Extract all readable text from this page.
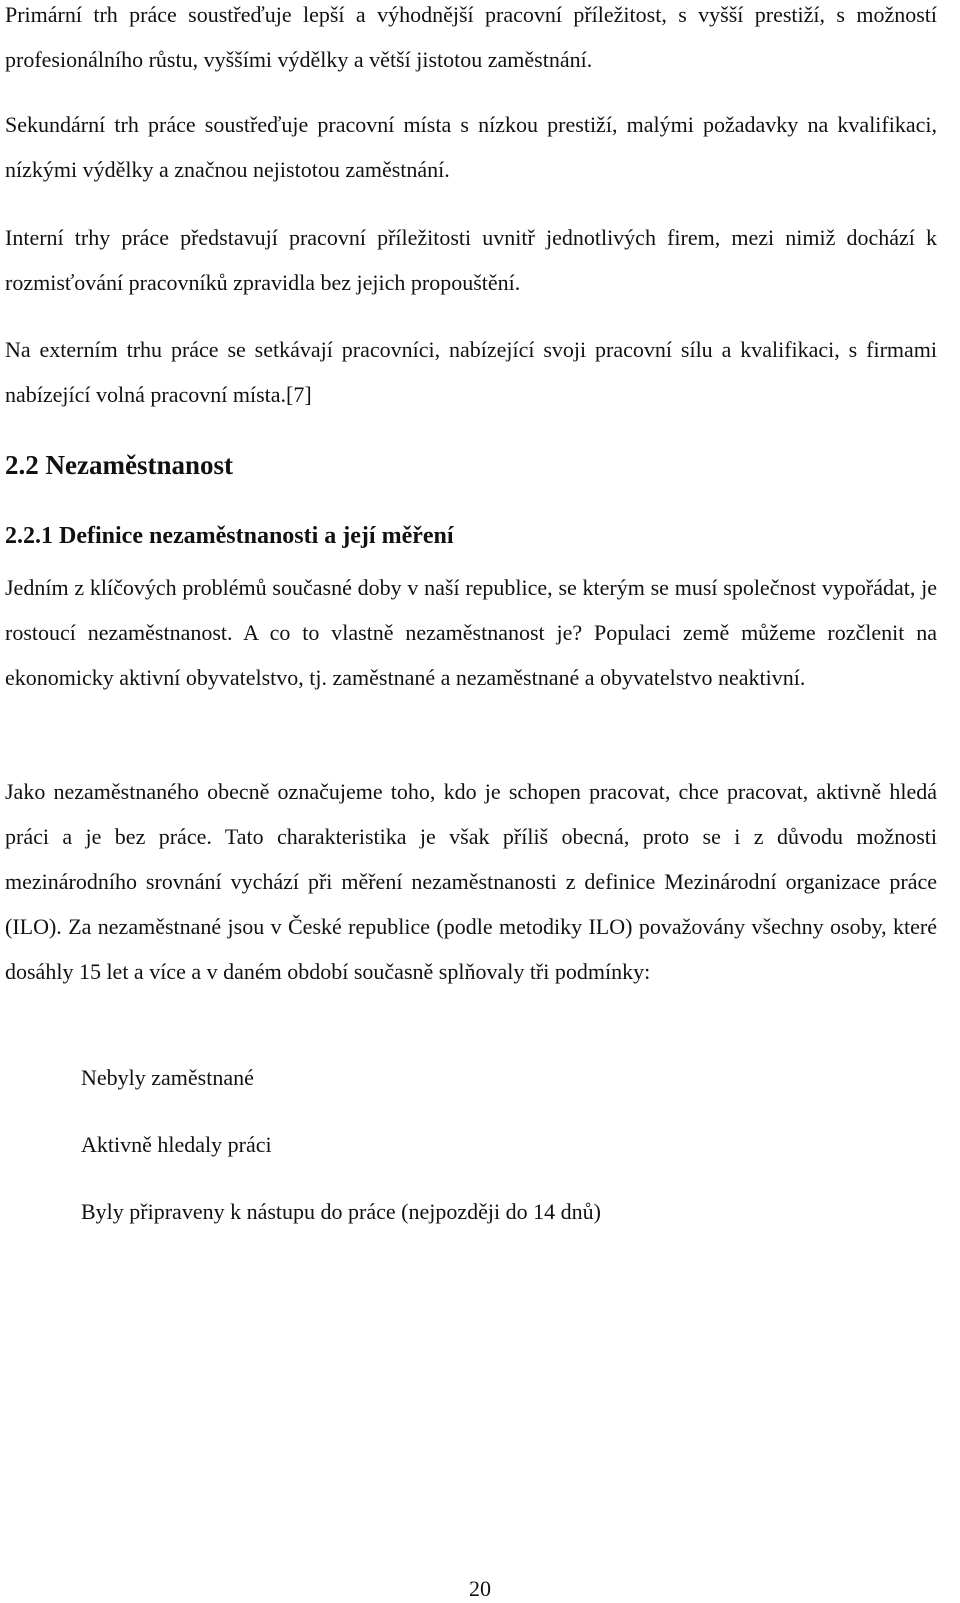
Primární trh práce soustřeďuje lepší a výhodnější pracovní příležitost, s vyšší prestiží, s možností profesionálního růstu, vyššími výdělky a větší jistotou zaměstnání.

Sekundární trh práce soustřeďuje pracovní místa s nízkou prestiží, malými požadavky na kvalifikaci, nízkými výdělky a značnou nejistotou zaměstnání.

Interní trhy práce představují pracovní příležitosti uvnitř jednotlivých firem, mezi nimiž dochází k rozmisťování pracovníků zpravidla bez jejich propouštění.

Na externím trhu práce se setkávají pracovníci, nabízející svoji pracovní sílu a kvalifikaci, s firmami nabízející volná pracovní místa.[7]

2.2 Nezaměstnanost
2.2.1 Definice nezaměstnanosti a její měření

Jedním z klíčových problémů současné doby v naší republice, se kterým se musí společnost vypořádat, je rostoucí nezaměstnanost. A co to vlastně nezaměstnanost je? Populaci země můžeme rozčlenit na ekonomicky aktivní obyvatelstvo, tj. zaměstnané a nezaměstnané a obyvatelstvo neaktivní.

Jako nezaměstnaného obecně označujeme toho, kdo je schopen pracovat, chce pracovat, aktivně hledá práci a je bez práce. Tato charakteristika je však příliš obecná, proto se i z důvodu možnosti mezinárodního srovnání vychází při měření nezaměstnanosti z definice Mezinárodní organizace práce (ILO). Za nezaměstnané jsou v České republice (podle metodiky ILO) považovány všechny osoby, které dosáhly 15 let a více a v daném období současně splňovaly tři podmínky:

Nebyly zaměstnané
Aktivně hledaly práci
Byly připraveny k nástupu do práce (nejpozději do 14 dnů)
20
